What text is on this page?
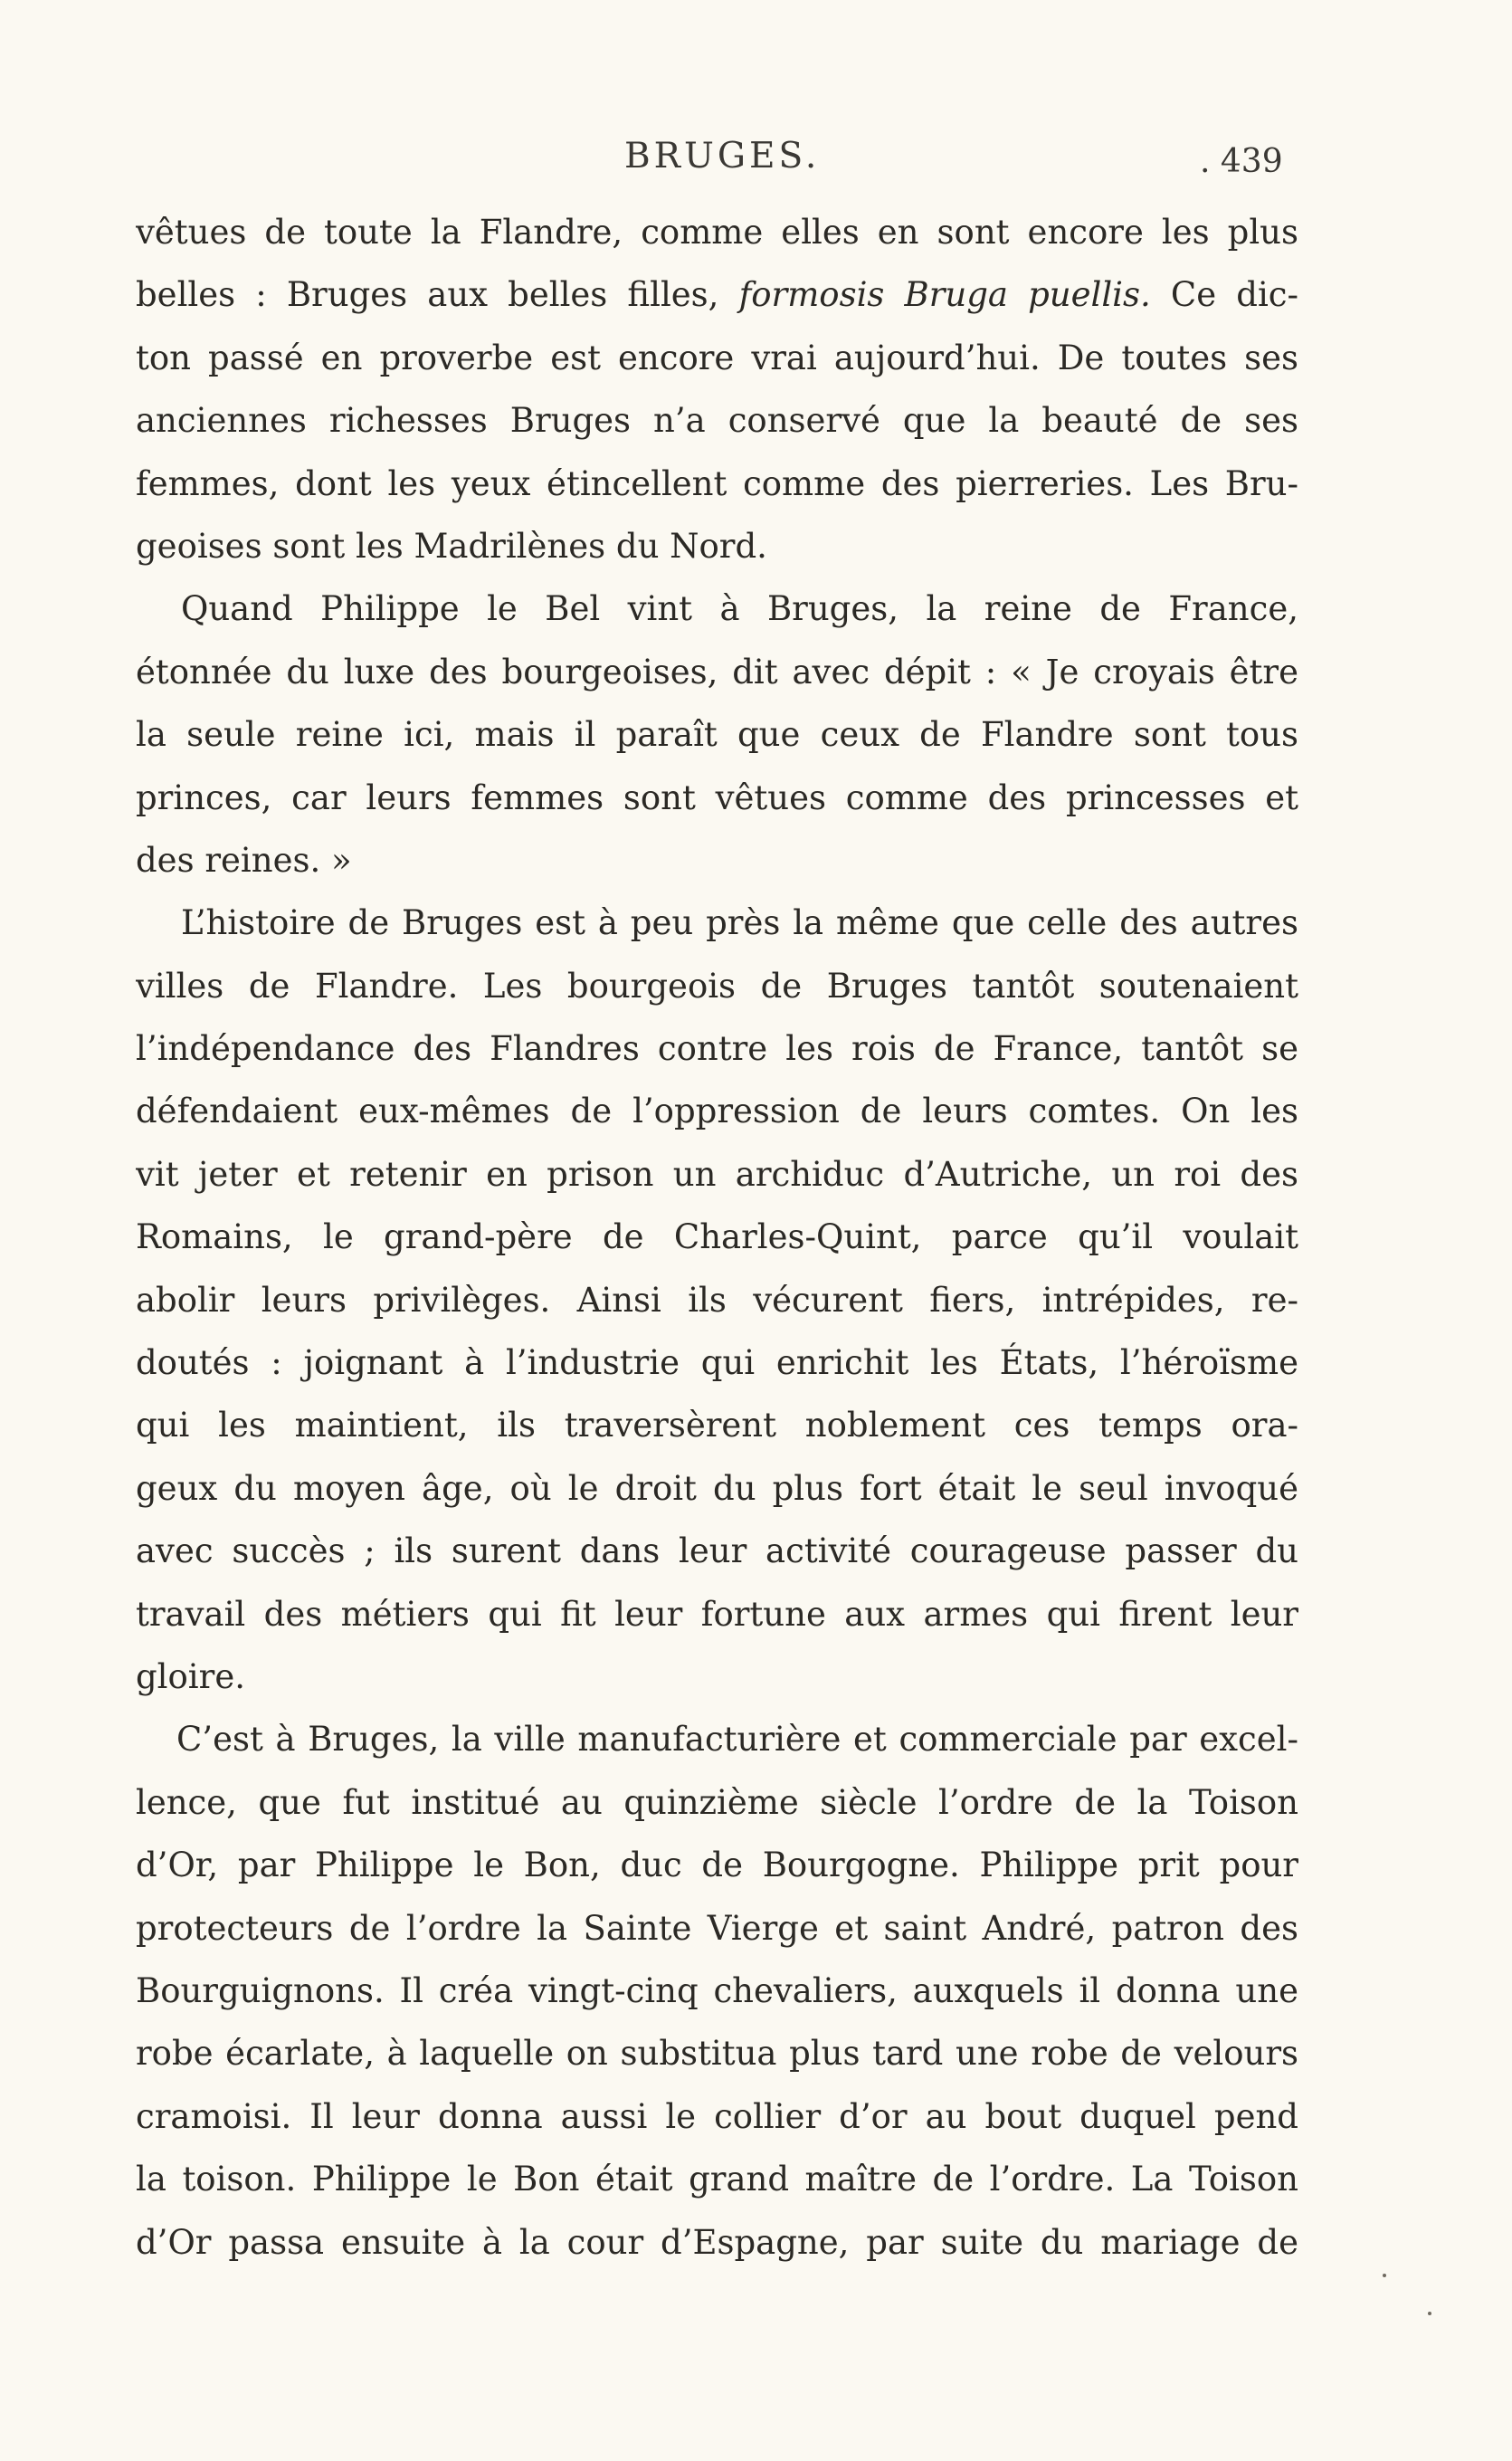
BRUGES.	. 439
vêtues de toute la Flandre, comme elles en sont encore les plus
belles : Bruges aux belles filles, formosis Bruga puellis. Ce dic-
ton passé en proverbe est encore vrai aujourd’hui. De toutes ses
anciennes richesses Bruges n’a conservé que la beauté de ses
femmes, dont les yeux étincellent comme des pierreries. Les Bru-
geoises sont les Madrilènes du Nord.
Quand Philippe le Bel vint à Bruges, la reine de France,
étonnée du luxe des bourgeoises, dit avec dépit : « Je croyais être
la seule reine ici, mais il paraît que ceux de Flandre sont tous
princes, car leurs femmes sont vêtues comme des princesses et
des reines. »
L’histoire de Bruges est à peu près la même que celle des autres
villes de Flandre. Les bourgeois de Bruges tantôt soutenaient
l’indépendance des Flandres contre les rois de France, tantôt se
défendaient eux-mêmes de l’oppression de leurs comtes. On les
vit jeter et retenir en prison un archiduc d’Autriche, un roi des
Romains, le grand-père de Charles-Quint, parce qu’il voulait
abolir leurs privilèges. Ainsi ils vécurent fiers, intrépides, re-
doutés : joignant à l’industrie qui enrichit les États, l’héroïsme
qui les maintient, ils traversèrent noblement ces temps ora-
geux du moyen âge, où le droit du plus fort était le seul invoqué
avec succès ; ils surent dans leur activité courageuse passer du
travail des métiers qui fit leur fortune aux armes qui firent leur
gloire.
C’est à Bruges, la ville manufacturière et commerciale par excel-
lence, que fut institué au quinzième siècle l’ordre de la Toison
d’Or, par Philippe le Bon, duc de Bourgogne. Philippe prit pour
protecteurs de l’ordre la Sainte Vierge et saint André, patron des
Bourguignons. Il créa vingt-cinq chevaliers, auxquels il donna une
robe écarlate, à laquelle on substitua plus tard une robe de velours
cramoisi. Il leur donna aussi le collier d’or au bout duquel pend
la toison. Philippe le Bon était grand maître de l’ordre. La Toison
d’Or passa ensuite à la cour d’Espagne, par suite du mariage de
